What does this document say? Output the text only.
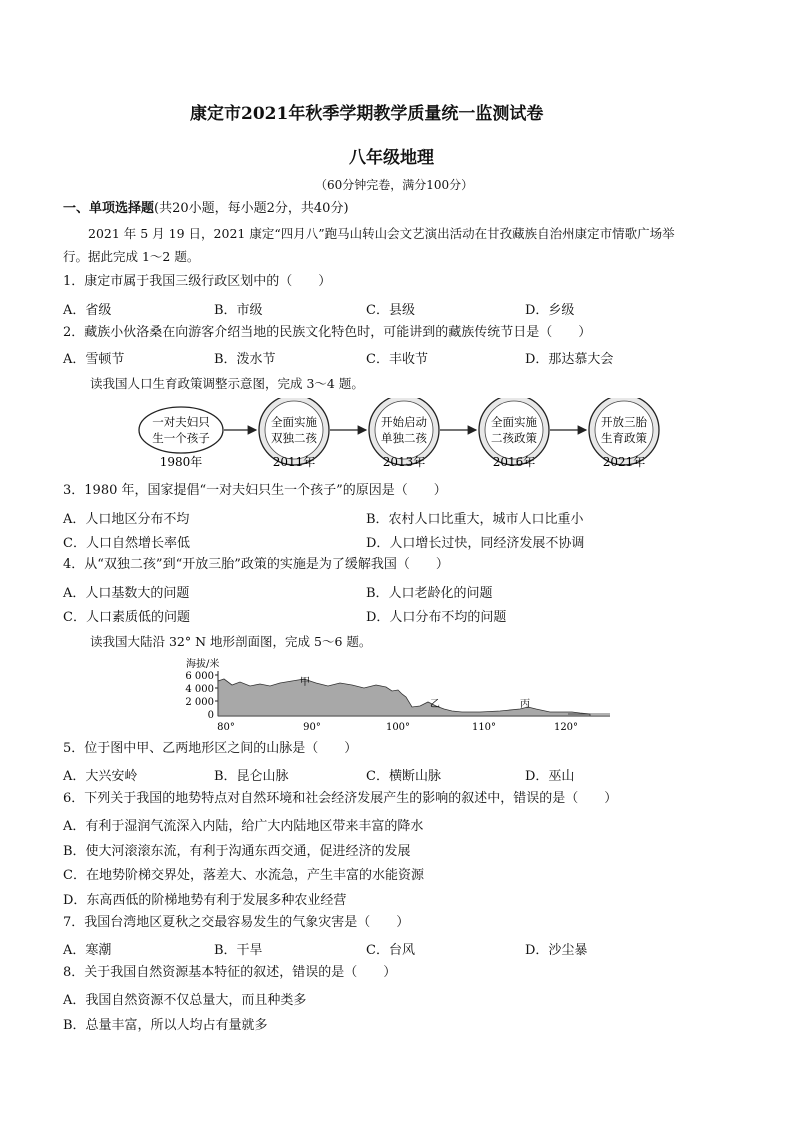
康定市2021年秋季学期教学质量统一监测试卷
八年级地理
（60分钟完卷，满分100分）
一、单项选择题(共20小题，每小题2分，共40分)
2021 年 5 月 19 日，2021 康定“四月八”跑马山转山会文艺演出活动在甘孜藏族自治州康定市情歌广场举
行。据此完成 1～2 题。
1．康定市属于我国三级行政区划中的（　　）
A．省级	B．市级	C．县级	D．乡级
2．藏族小伙洛桑在向游客介绍当地的民族文化特色时，可能讲到的藏族传统节日是（　　）
A．雪顿节	B．泼水节	C．丰收节	D．那达慕大会
读我国人口生育政策调整示意图，完成 3～4 题。
一对夫妇只
生一个孩子
1980年
全面实施
双独二孩
2011年
开始启动
单独二孩
2013年
全面实施
二孩政策
2016年
开放三胎
生育政策
2021年
3．1980 年，国家提倡“一对夫妇只生一个孩子”的原因是（　　）
A．人口地区分布不均	B．农村人口比重大，城市人口比重小
C．人口自然增长率低	D．人口增长过快，同经济发展不协调
4．从“双独二孩”到“开放三胎”政策的实施是为了缓解我国（　　）
A．人口基数大的问题	B．人口老龄化的问题
C．人口素质低的问题	D．人口分布不均的问题
读我国大陆沿 32° N 地形剖面图，完成 5～6 题。
海拔/米
6 000
4 000
2 000
0
甲
乙	丙
80°	90°	100°	110°	120°
5．位于图中甲、乙两地形区之间的山脉是（　　）
A．大兴安岭	B．昆仑山脉	C．横断山脉	D．巫山
6．下列关于我国的地势特点对自然环境和社会经济发展产生的影响的叙述中，错误的是（　　）
A．有利于湿润气流深入内陆，给广大内陆地区带来丰富的降水
B．使大河滚滚东流，有利于沟通东西交通，促进经济的发展
C．在地势阶梯交界处，落差大、水流急，产生丰富的水能资源
D．东高西低的阶梯地势有利于发展多种农业经营
7．我国台湾地区夏秋之交最容易发生的气象灾害是（　　）
A．寒潮	B．干旱	C．台风	D．沙尘暴
8．关于我国自然资源基本特征的叙述，错误的是（　　）
A．我国自然资源不仅总量大，而且种类多
B．总量丰富，所以人均占有量就多
